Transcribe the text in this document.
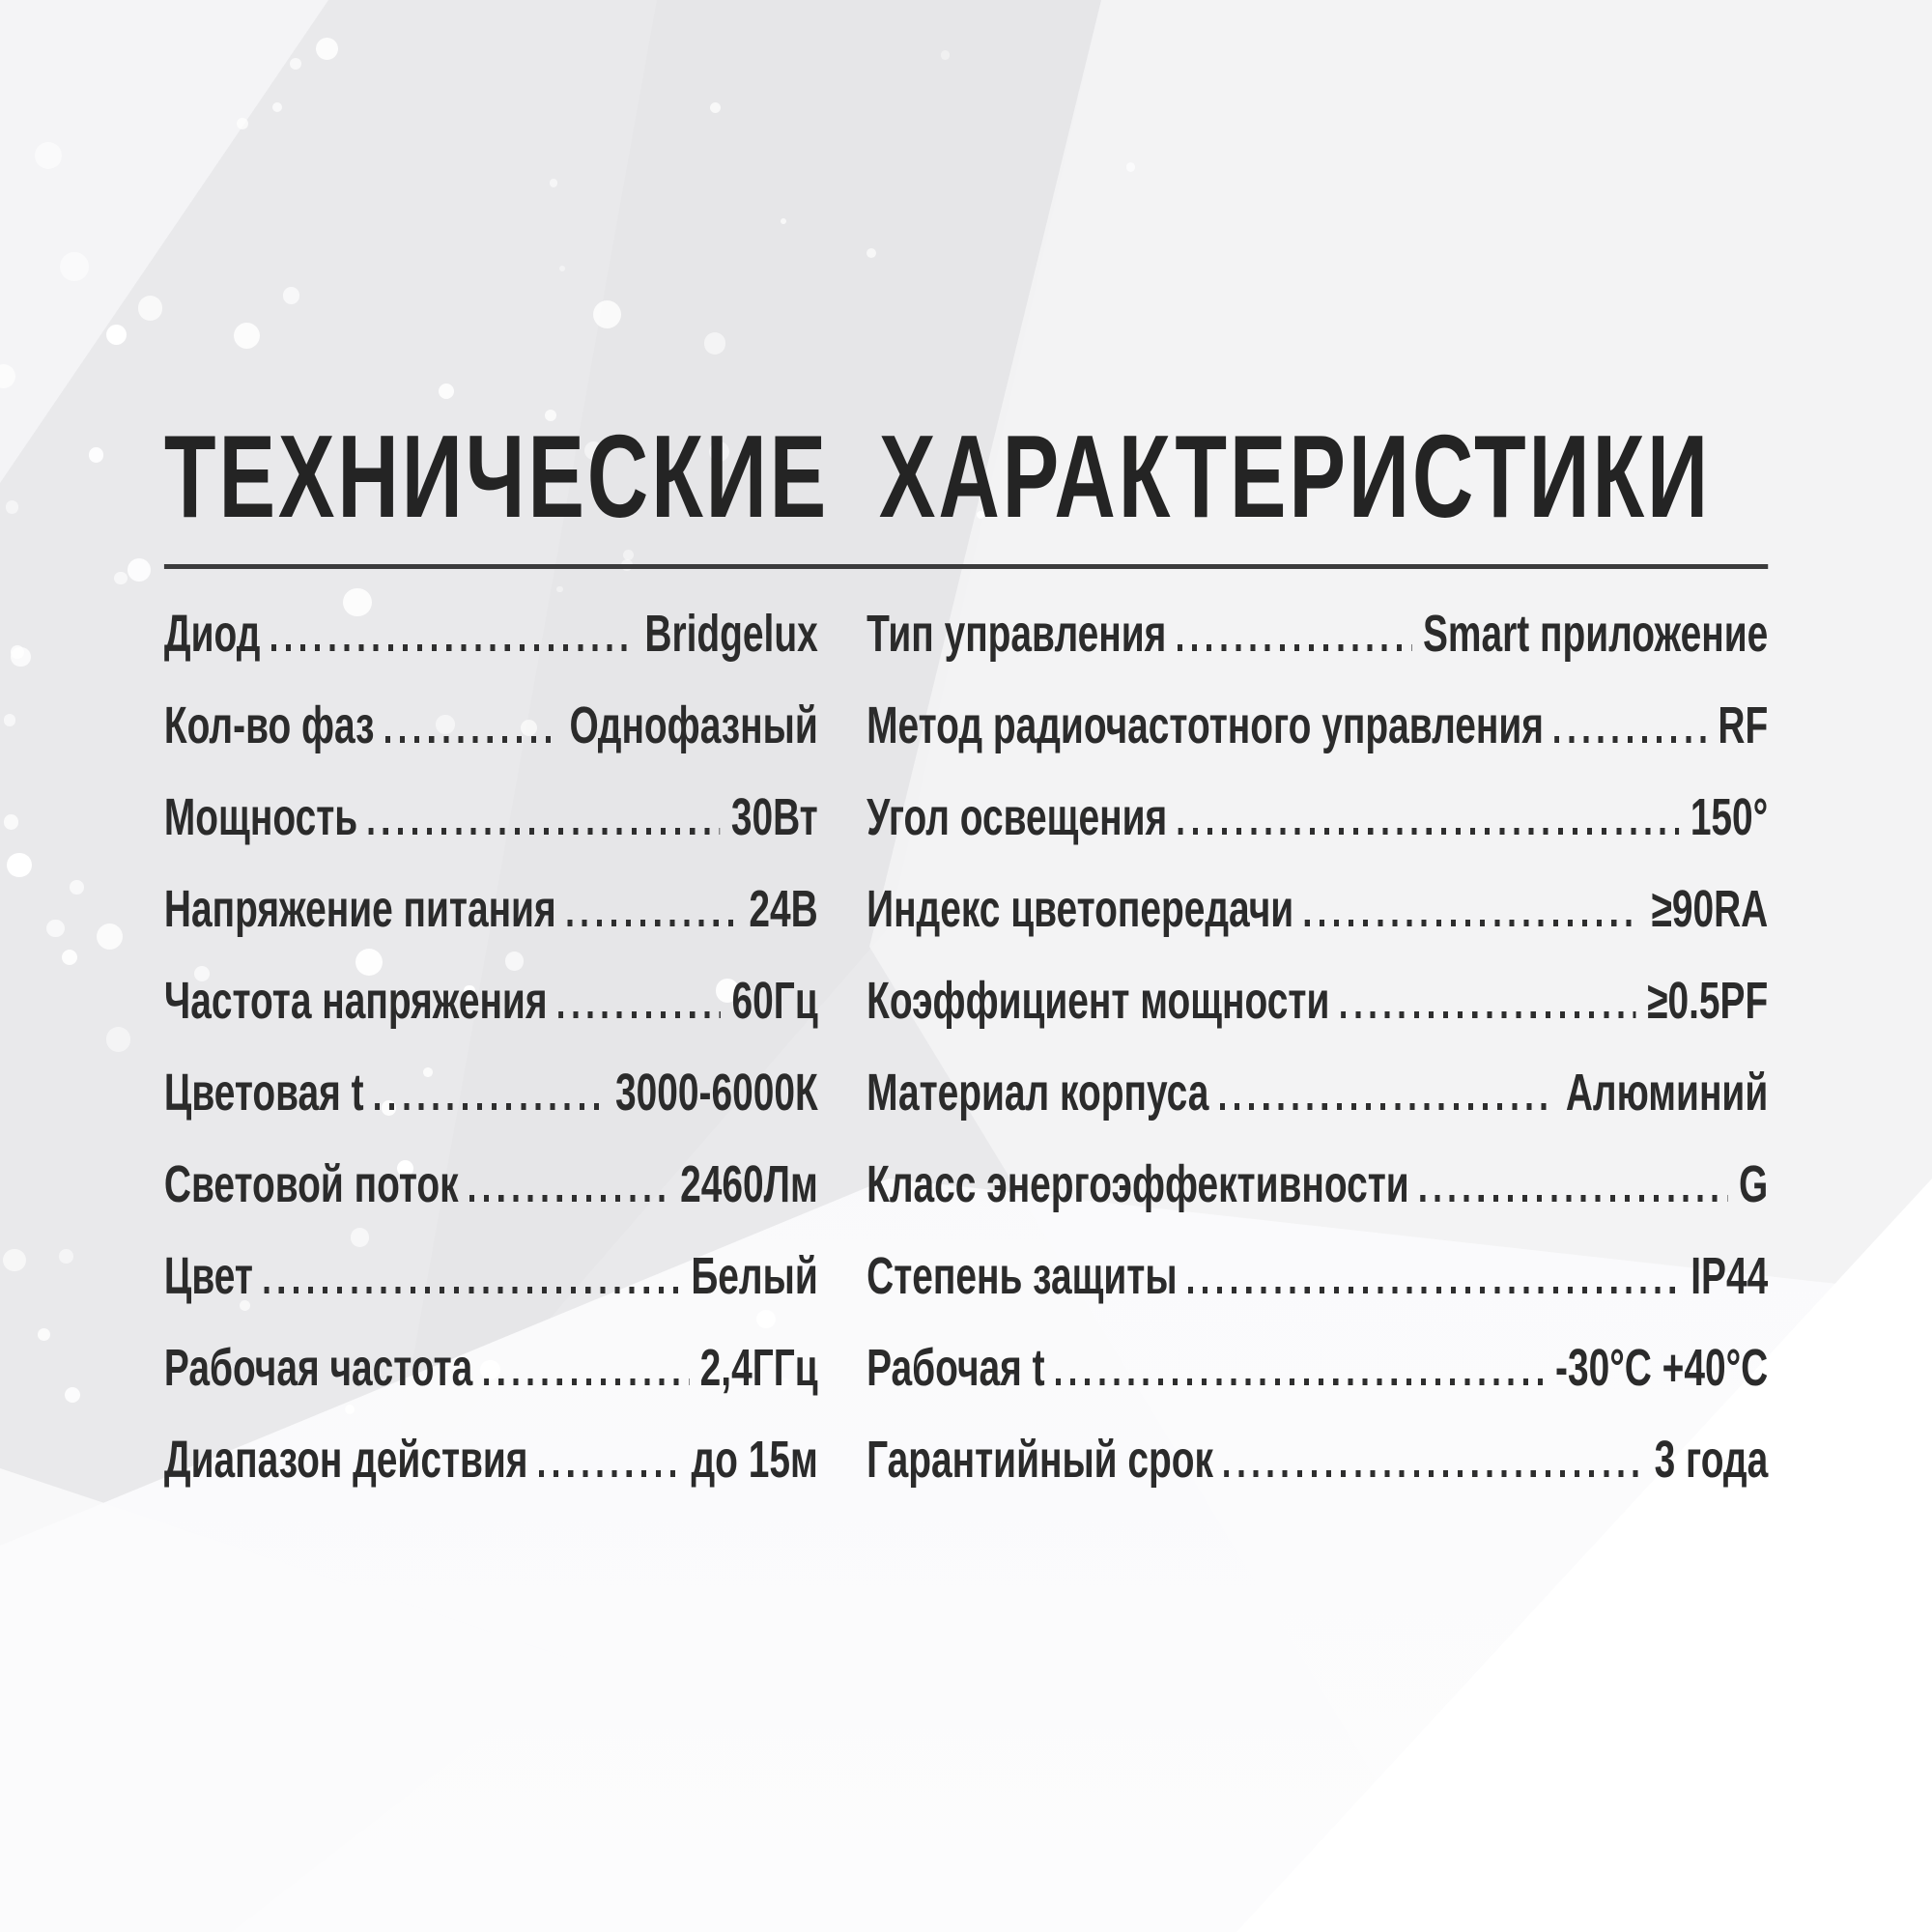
ТЕХНИЧЕСКИЕ ХАРАКТЕРИСТИКИ
Диод	Bridgelux
Кол-во фаз	Однофазный
Мощность	30Вт
Напряжение питания	24В
Частота напряжения	60Гц
Цветовая t	3000-6000К
Световой поток	2460Лм
Цвет	Белый
Рабочая частота	2,4ГГц
Диапазон действия	до 15м
Тип управления	Smart приложение
Метод радиочастотного управления	RF
Угол освещения	150°
Индекс цветопередачи	≥90RA
Коэффициент мощности	≥0.5PF
Материал корпуса	Алюминий
Класс энергоэффективности	G
Степень защиты	IP44
Рабочая t	-30°C +40°C
Гарантийный срок	3 года
